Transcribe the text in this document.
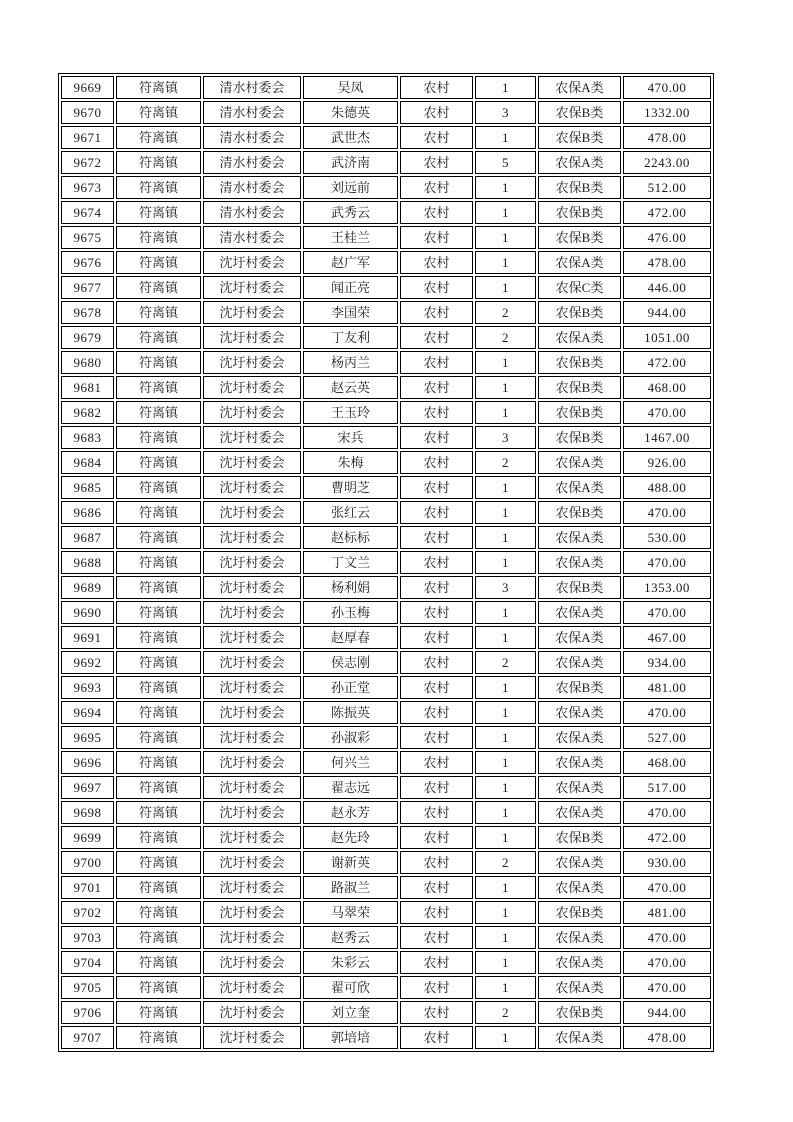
9669	符离镇	清水村委会	吴凤	农村	1	农保A类	470.00
9670	符离镇	清水村委会	朱德英	农村	3	农保B类	1332.00
9671	符离镇	清水村委会	武世杰	农村	1	农保B类	478.00
9672	符离镇	清水村委会	武济南	农村	5	农保A类	2243.00
9673	符离镇	清水村委会	刘远前	农村	1	农保B类	512.00
9674	符离镇	清水村委会	武秀云	农村	1	农保B类	472.00
9675	符离镇	清水村委会	王桂兰	农村	1	农保B类	476.00
9676	符离镇	沈圩村委会	赵广军	农村	1	农保A类	478.00
9677	符离镇	沈圩村委会	闻正亮	农村	1	农保C类	446.00
9678	符离镇	沈圩村委会	李国荣	农村	2	农保B类	944.00
9679	符离镇	沈圩村委会	丁友利	农村	2	农保A类	1051.00
9680	符离镇	沈圩村委会	杨丙兰	农村	1	农保B类	472.00
9681	符离镇	沈圩村委会	赵云英	农村	1	农保B类	468.00
9682	符离镇	沈圩村委会	王玉玲	农村	1	农保B类	470.00
9683	符离镇	沈圩村委会	宋兵	农村	3	农保B类	1467.00
9684	符离镇	沈圩村委会	朱梅	农村	2	农保A类	926.00
9685	符离镇	沈圩村委会	曹明芝	农村	1	农保A类	488.00
9686	符离镇	沈圩村委会	张红云	农村	1	农保B类	470.00
9687	符离镇	沈圩村委会	赵标标	农村	1	农保A类	530.00
9688	符离镇	沈圩村委会	丁文兰	农村	1	农保A类	470.00
9689	符离镇	沈圩村委会	杨利娟	农村	3	农保B类	1353.00
9690	符离镇	沈圩村委会	孙玉梅	农村	1	农保A类	470.00
9691	符离镇	沈圩村委会	赵厚春	农村	1	农保A类	467.00
9692	符离镇	沈圩村委会	侯志刚	农村	2	农保A类	934.00
9693	符离镇	沈圩村委会	孙正堂	农村	1	农保B类	481.00
9694	符离镇	沈圩村委会	陈振英	农村	1	农保A类	470.00
9695	符离镇	沈圩村委会	孙淑彩	农村	1	农保A类	527.00
9696	符离镇	沈圩村委会	何兴兰	农村	1	农保A类	468.00
9697	符离镇	沈圩村委会	翟志远	农村	1	农保A类	517.00
9698	符离镇	沈圩村委会	赵永芳	农村	1	农保A类	470.00
9699	符离镇	沈圩村委会	赵先玲	农村	1	农保B类	472.00
9700	符离镇	沈圩村委会	谢新英	农村	2	农保A类	930.00
9701	符离镇	沈圩村委会	路淑兰	农村	1	农保A类	470.00
9702	符离镇	沈圩村委会	马翠荣	农村	1	农保B类	481.00
9703	符离镇	沈圩村委会	赵秀云	农村	1	农保A类	470.00
9704	符离镇	沈圩村委会	朱彩云	农村	1	农保A类	470.00
9705	符离镇	沈圩村委会	翟可欣	农村	1	农保A类	470.00
9706	符离镇	沈圩村委会	刘立奎	农村	2	农保B类	944.00
9707	符离镇	沈圩村委会	郭培培	农村	1	农保A类	478.00
